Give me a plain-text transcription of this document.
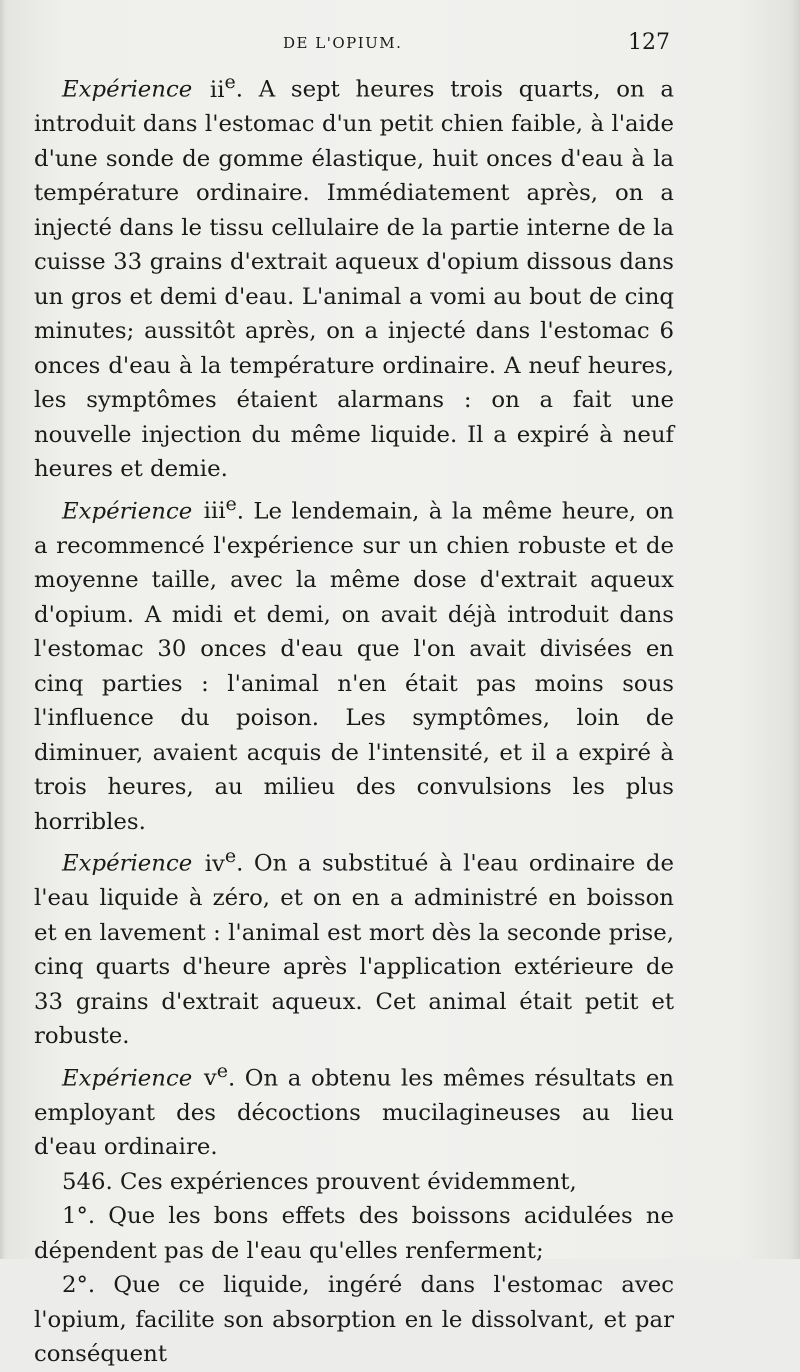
DE L'OPIUM.	127

Expérience $ii^e$. A sept heures trois quarts, on a introduit dans l'estomac d'un petit chien faible, à l'aide d'une sonde de gomme élastique, huit onces d'eau à la température ordinaire. Immédiatement après, on a injecté dans le tissu cellulaire de la partie interne de la cuisse 33 grains d'extrait aqueux d'opium dissous dans un gros et demi d'eau. L'animal a vomi au bout de cinq minutes; aussitôt après, on a injecté dans l'estomac 6 onces d'eau à la température ordinaire. A neuf heures, les symptômes étaient alarmans : on a fait une nouvelle injection du même liquide. Il a expiré à neuf heures et demie.

Expérience iii$^e$. Le lendemain, à la même heure, on a recommencé l'expérience sur un chien robuste et de moyenne taille, avec la même dose d'extrait aqueux d'opium. A midi et demi, on avait déjà introduit dans l'estomac 30 onces d'eau que l'on avait divisées en cinq parties : l'animal n'en était pas moins sous l'influence du poison. Les symptômes, loin de diminuer, avaient acquis de l'intensité, et il a expiré à trois heures, au milieu des convulsions les plus horribles.

Expérience $iv^e$. On a substitué à l'eau ordinaire de l'eau liquide à zéro, et on en a administré en boisson et en lavement : l'animal est mort dès la seconde prise, cinq quarts d'heure après l'application extérieure de 33 grains d'extrait aqueux. Cet animal était petit et robuste.

Expérience $v^e$. On a obtenu les mêmes résultats en employant des décoctions mucilagineuses au lieu d'eau ordinaire.

546. Ces expériences prouvent évidemment,

1°. Que les bons effets des boissons acidulées ne dépendent pas de l'eau qu'elles renferment;

2°. Que ce liquide, ingéré dans l'estomac avec l'opium, facilite son absorption en le dissolvant, et par conséquent
